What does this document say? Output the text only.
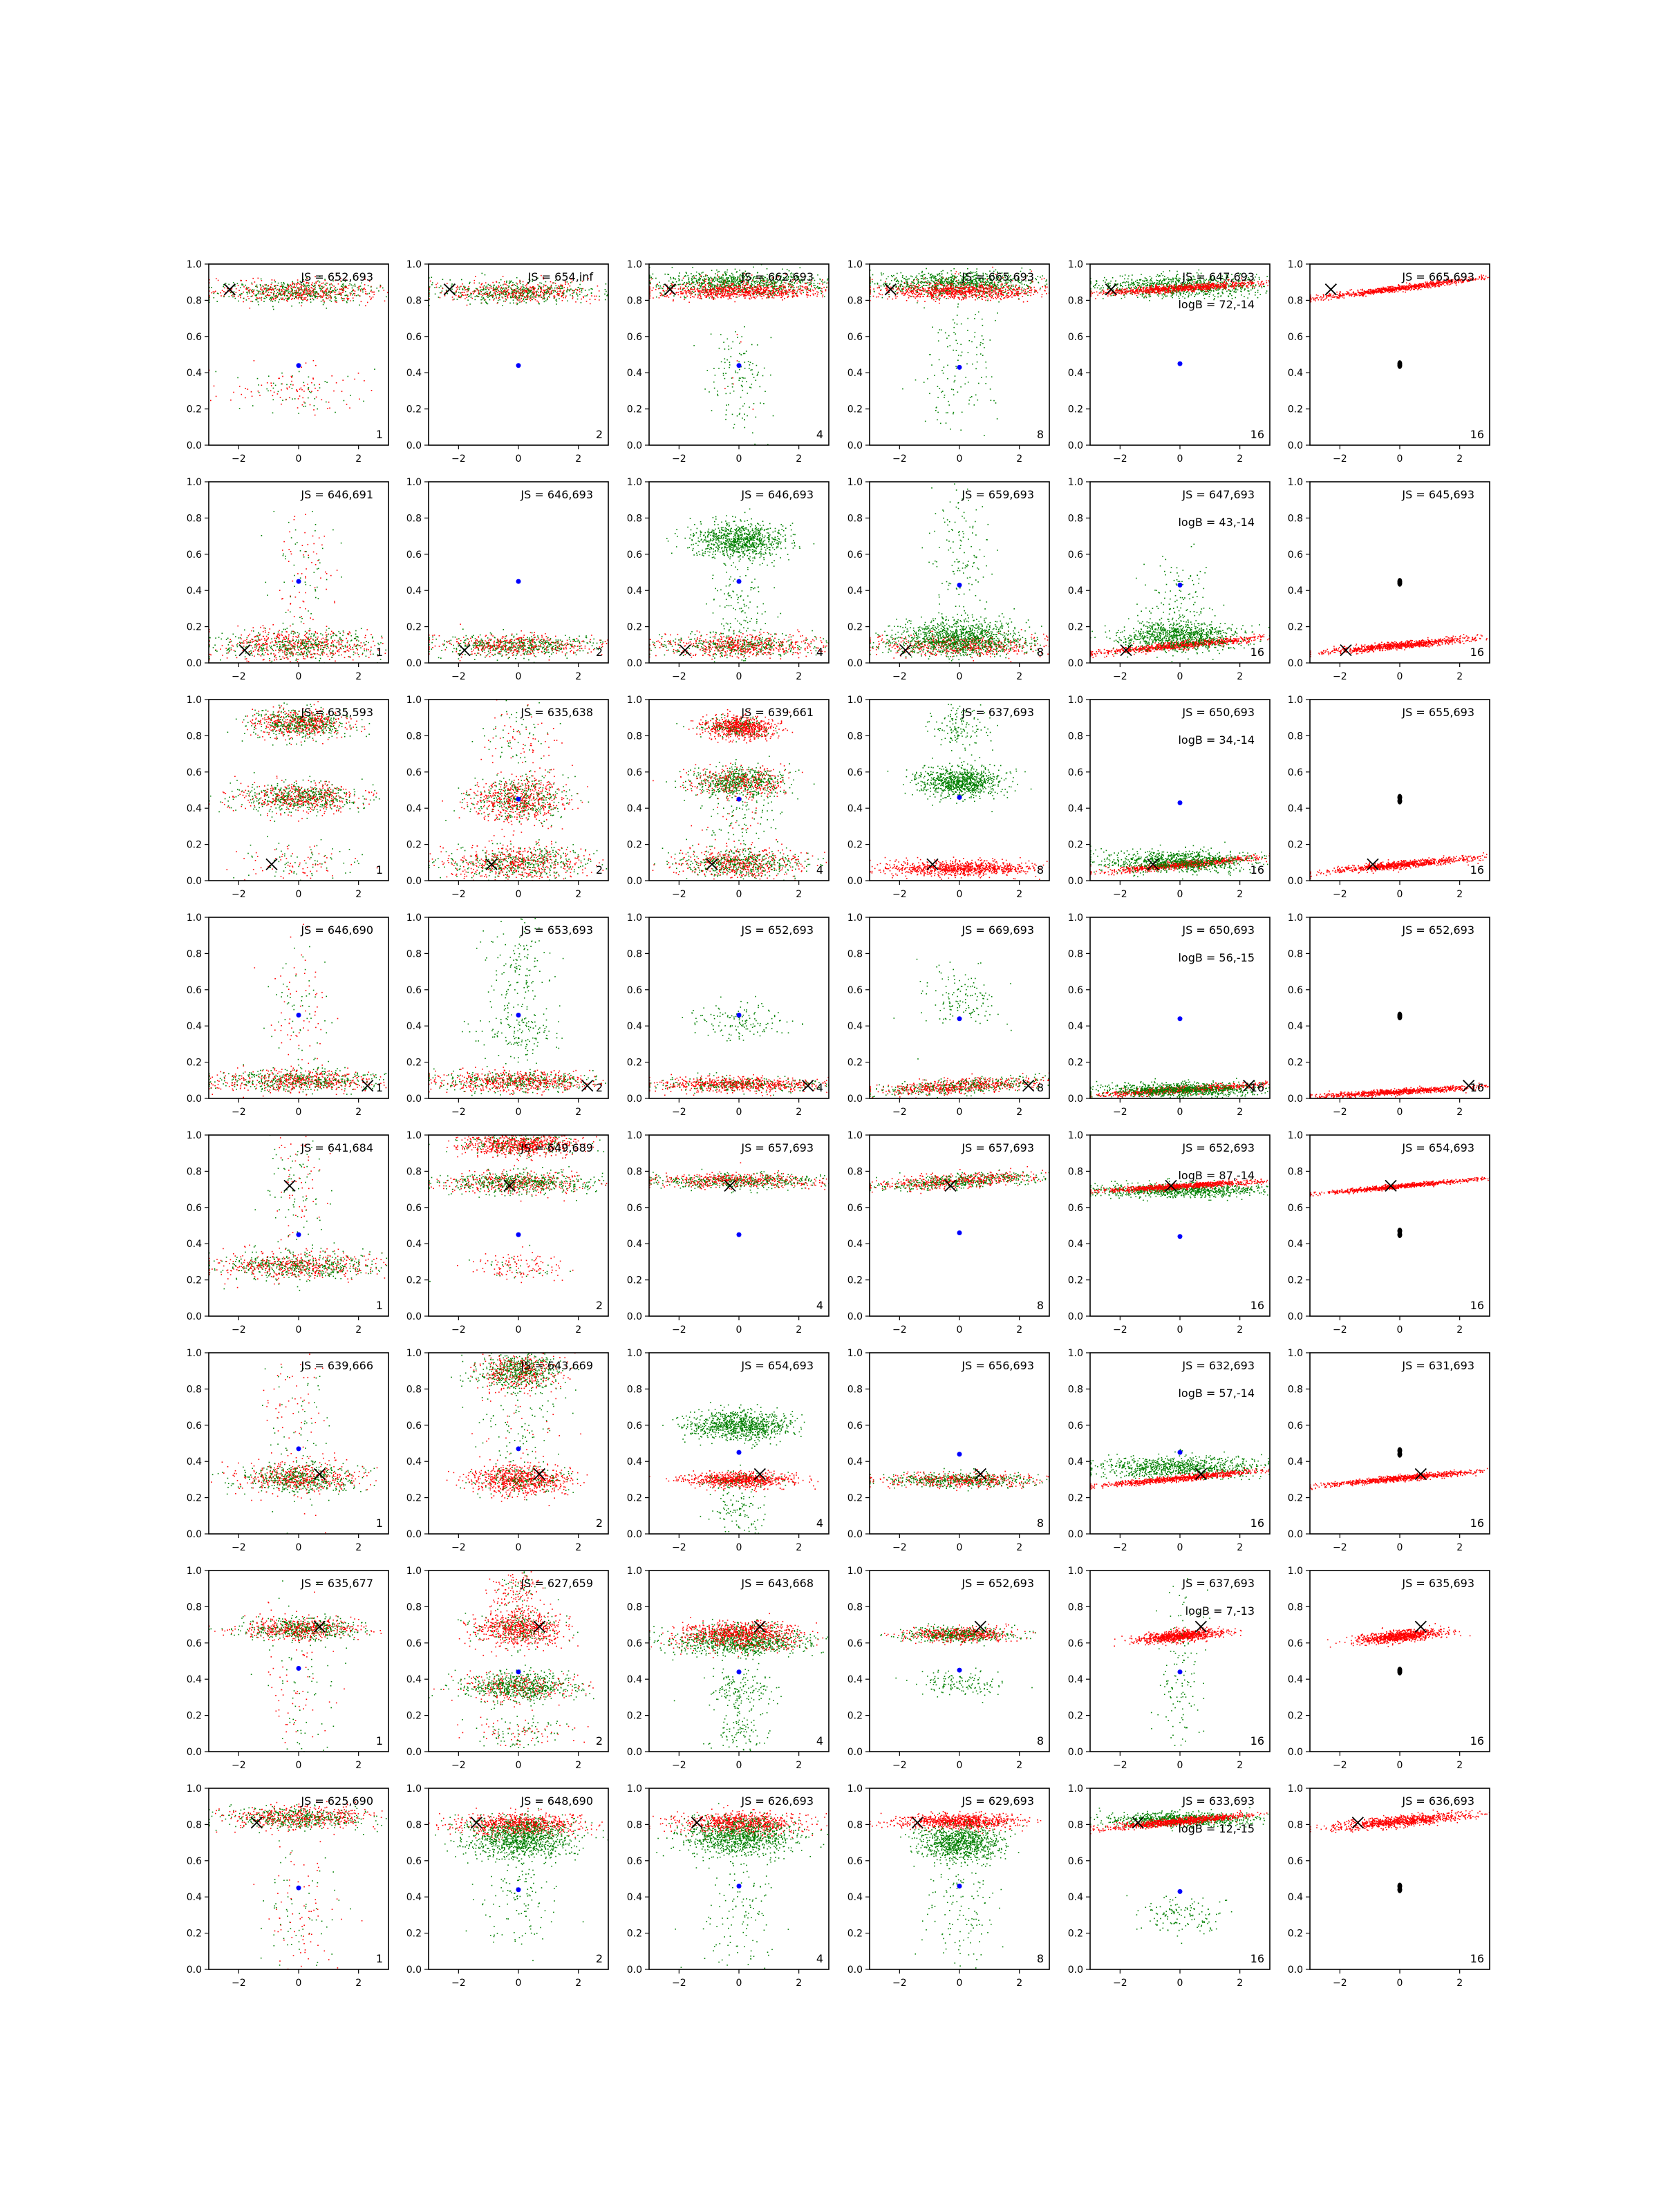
0.0
0.2
0.4
0.6
0.8
1.0
−2	0	2
JS = 652,693
1
0.0
0.2
0.4
0.6
0.8
1.0
−2	0	2
JS = 654,inf
2
0.0
0.2
0.4
0.6
0.8
1.0
−2	0	2
JS = 662,693
4
0.0
0.2
0.4
0.6
0.8
1.0
−2	0	2
JS = 665,693
8
0.0
0.2
0.4
0.6
0.8
1.0
−2	0	2
JS = 647,693
logB = 72,-14
16
0.0
0.2
0.4
0.6
0.8
1.0
−2	0	2
JS = 665,693
16
0.0
0.2
0.4
0.6
0.8
1.0
−2	0	2
JS = 646,691
1
0.0
0.2
0.4
0.6
0.8
1.0
−2	0	2
JS = 646,693
2
0.0
0.2
0.4
0.6
0.8
1.0
−2	0	2
JS = 646,693
4
0.0
0.2
0.4
0.6
0.8
1.0
−2	0	2
JS = 659,693
8
0.0
0.2
0.4
0.6
0.8
1.0
−2	0	2
JS = 647,693
logB = 43,-14
16
0.0
0.2
0.4
0.6
0.8
1.0
−2	0	2
JS = 645,693
16
0.0
0.2
0.4
0.6
0.8
1.0
−2	0	2
JS = 635,593
1
0.0
0.2
0.4
0.6
0.8
1.0
−2	0	2
JS = 635,638
2
0.0
0.2
0.4
0.6
0.8
1.0
−2	0	2
JS = 639,661
4
0.0
0.2
0.4
0.6
0.8
1.0
−2	0	2
JS = 637,693
8
0.0
0.2
0.4
0.6
0.8
1.0
−2	0	2
JS = 650,693
logB = 34,-14
16
0.0
0.2
0.4
0.6
0.8
1.0
−2	0	2
JS = 655,693
16
0.0
0.2
0.4
0.6
0.8
1.0
−2	0	2
JS = 646,690
1
0.0
0.2
0.4
0.6
0.8
1.0
−2	0	2
JS = 653,693
2
0.0
0.2
0.4
0.6
0.8
1.0
−2	0	2
JS = 652,693
4
0.0
0.2
0.4
0.6
0.8
1.0
−2	0	2
JS = 669,693
8
0.0
0.2
0.4
0.6
0.8
1.0
−2	0	2
JS = 650,693
logB = 56,-15
16
0.0
0.2
0.4
0.6
0.8
1.0
−2	0	2
JS = 652,693
16
0.0
0.2
0.4
0.6
0.8
1.0
−2	0	2
JS = 641,684
1
0.0
0.2
0.4
0.6
0.8
1.0
−2	0	2
JS = 649,689
2
0.0
0.2
0.4
0.6
0.8
1.0
−2	0	2
JS = 657,693
4
0.0
0.2
0.4
0.6
0.8
1.0
−2	0	2
JS = 657,693
8
0.0
0.2
0.4
0.6
0.8
1.0
−2	0	2
JS = 652,693
logB = 87,-14
16
0.0
0.2
0.4
0.6
0.8
1.0
−2	0	2
JS = 654,693
16
0.0
0.2
0.4
0.6
0.8
1.0
−2	0	2
JS = 639,666
1
0.0
0.2
0.4
0.6
0.8
1.0
−2	0	2
JS = 643,669
2
0.0
0.2
0.4
0.6
0.8
1.0
−2	0	2
JS = 654,693
4
0.0
0.2
0.4
0.6
0.8
1.0
−2	0	2
JS = 656,693
8
0.0
0.2
0.4
0.6
0.8
1.0
−2	0	2
JS = 632,693
logB = 57,-14
16
0.0
0.2
0.4
0.6
0.8
1.0
−2	0	2
JS = 631,693
16
0.0
0.2
0.4
0.6
0.8
1.0
−2	0	2
JS = 635,677
1
0.0
0.2
0.4
0.6
0.8
1.0
−2	0	2
JS = 627,659
2
0.0
0.2
0.4
0.6
0.8
1.0
−2	0	2
JS = 643,668
4
0.0
0.2
0.4
0.6
0.8
1.0
−2	0	2
JS = 652,693
8
0.0
0.2
0.4
0.6
0.8
1.0
−2	0	2
JS = 637,693
logB = 7,-13
16
0.0
0.2
0.4
0.6
0.8
1.0
−2	0	2
JS = 635,693
16
0.0
0.2
0.4
0.6
0.8
1.0
−2	0	2
JS = 625,690
1
0.0
0.2
0.4
0.6
0.8
1.0
−2	0	2
JS = 648,690
2
0.0
0.2
0.4
0.6
0.8
1.0
−2	0	2
JS = 626,693
4
0.0
0.2
0.4
0.6
0.8
1.0
−2	0	2
JS = 629,693
8
0.0
0.2
0.4
0.6
0.8
1.0
−2	0	2
JS = 633,693
logB = 12,-15
16
0.0
0.2
0.4
0.6
0.8
1.0
−2	0	2
JS = 636,693
16
